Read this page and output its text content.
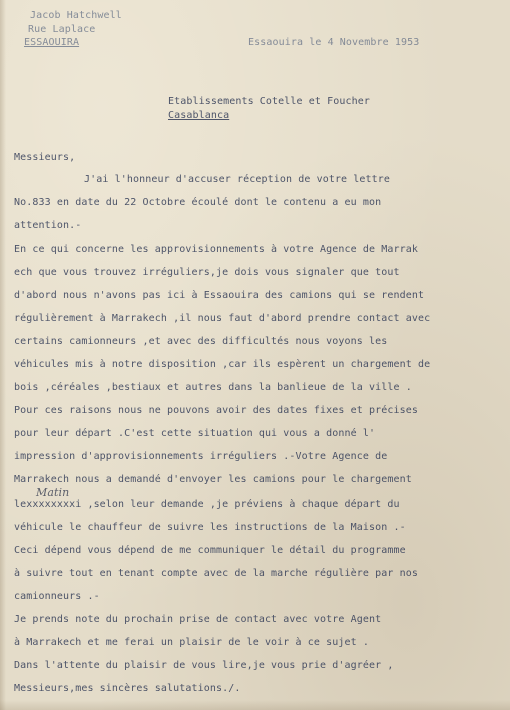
Jacob Hatchwell
Rue Laplace
ESSAOUIRA	Essaouira le 4 Novembre 1953
Etablissements Cotelle et Foucher
Casablanca
Messieurs,
J'ai l'honneur d'accuser réception de votre lettre
No.833 en date du 22 Octobre écoulé dont le contenu a eu mon
attention.-
En ce qui concerne les approvisionnements à votre Agence de Marrak
ech que vous trouvez irréguliers,je dois vous signaler que tout
d'abord nous n'avons pas ici à Essaouira des camions qui se rendent
régulièrement à Marrakech ,il nous faut d'abord prendre contact avec
certains camionneurs ,et avec des difficultés nous voyons les
véhicules mis à notre disposition ,car ils espèrent un chargement de
bois ,céréales ,bestiaux et autres dans la banlieue de la ville .
Pour ces raisons nous ne pouvons avoir des dates fixes et précises
pour leur départ .C'est cette situation qui vous a donné l'
impression d'approvisionnements irréguliers .-Votre Agence de
Marrakech nous a demandé d'envoyer les camions pour le chargement
Matin
lexxxxxxxxi ,selon leur demande ,je préviens à chaque départ du
véhicule le chauffeur de suivre les instructions de la Maison .-
Ceci dépend vous dépend de me communiquer le détail du programme
à suivre tout en tenant compte avec de la marche régulière par nos
camionneurs .-
Je prends note du prochain prise de contact avec votre Agent
à Marrakech et me ferai un plaisir de le voir à ce sujet .
Dans l'attente du plaisir de vous lire,je vous prie d'agréer ,
Messieurs,mes sincères salutations./.
